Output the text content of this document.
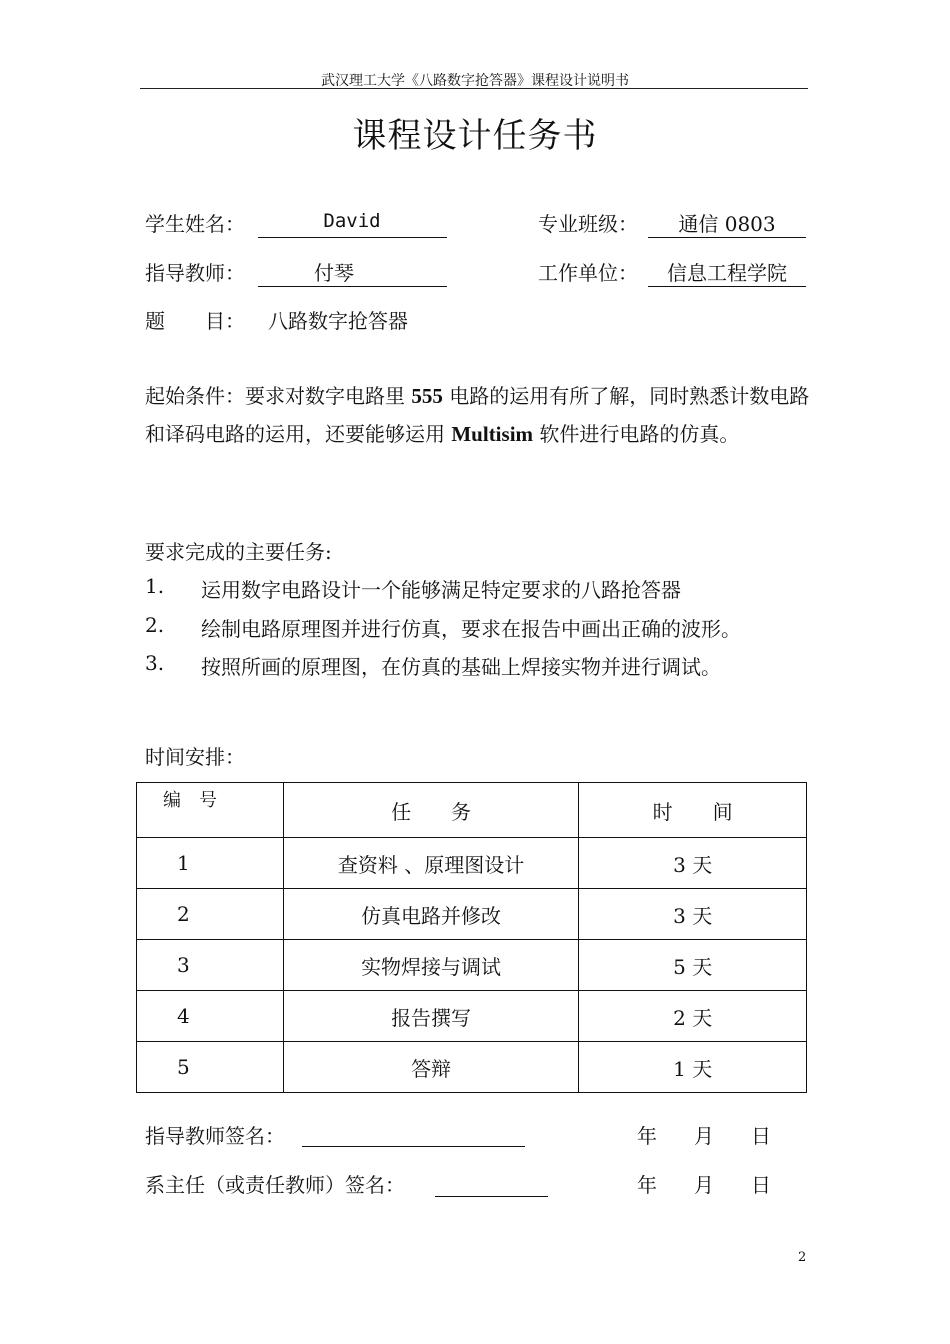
武汉理工大学《八路数字抢答器》课程设计说明书
课程设计任务书
学生姓名：	David	专业班级：	通信 0803
指导教师：	付琴	工作单位：	信息工程学院
题　　目： 八路数字抢答器
起始条件：要求对数字电路里 555 电路的运用有所了解，同时熟悉计数电路和译码电路的运用，还要能够运用 Multisim 软件进行电路的仿真。
要求完成的主要任务:
1. 运用数字电路设计一个能够满足特定要求的八路抢答器
2. 绘制电路原理图并进行仿真，要求在报告中画出正确的波形。
3. 按照所画的原理图，在仿真的基础上焊接实物并进行调试。
时间安排：
编　号	任　　务	时　　间
1	查资料 、原理图设计	3 天
2	仿真电路并修改	3 天
3	实物焊接与调试	5 天
4	报告撰写	2 天
5	答辩	1 天
指导教师签名：	年 月 日
系主任（或责任教师）签名：	年 月 日
2
